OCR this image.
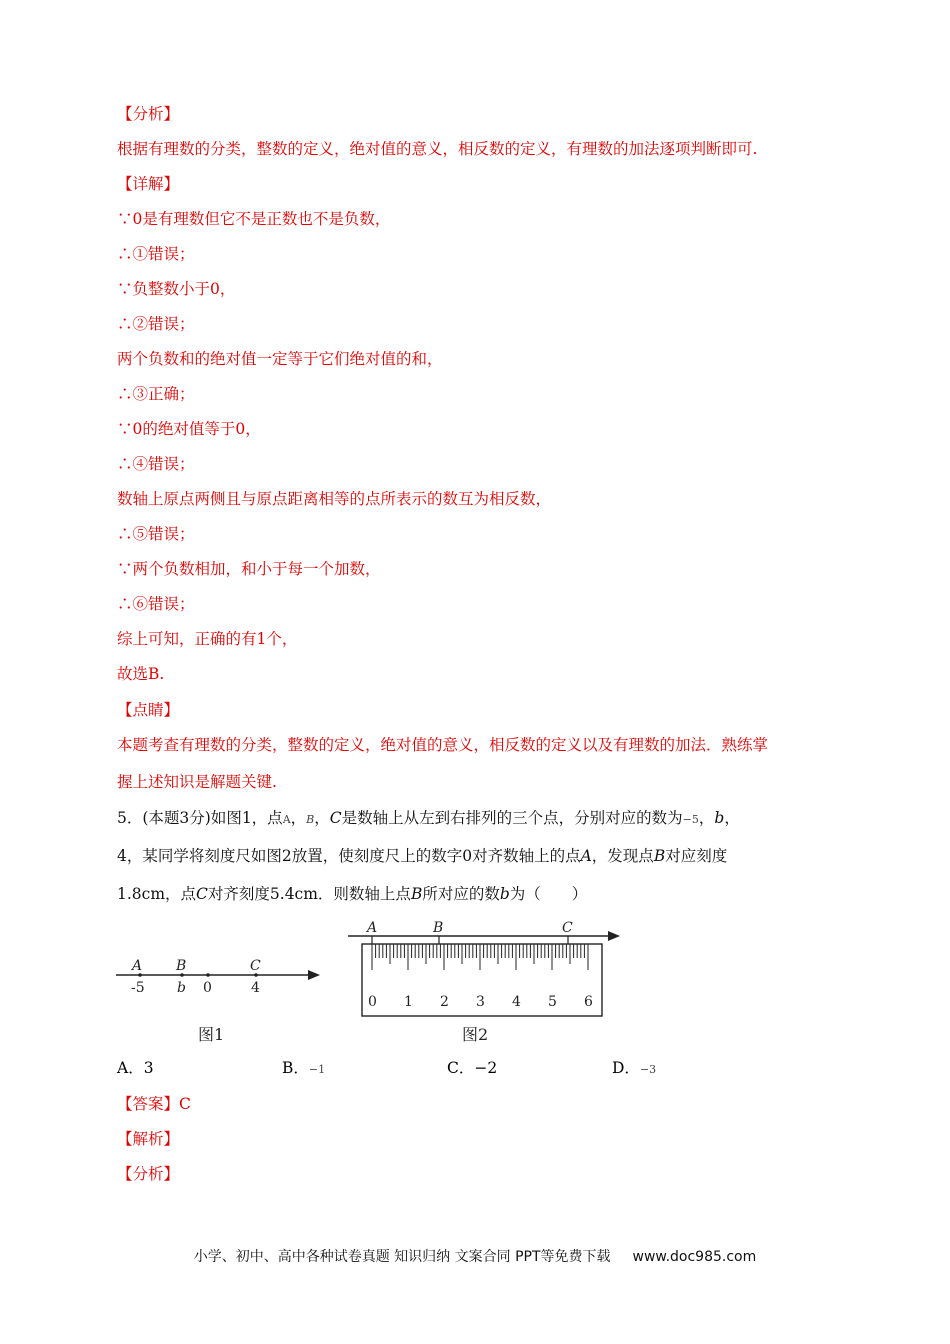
【分析】
根据有理数的分类，整数的定义，绝对值的意义，相反数的定义，有理数的加法逐项判断即可.
【详解】
∵0是有理数但它不是正数也不是负数，
∴①错误；
∵负整数小于0，
∴②错误；
两个负数和的绝对值一定等于它们绝对值的和，
∴③正确；
∵0的绝对值等于0，
∴④错误；
数轴上原点两侧且与原点距离相等的点所表示的数互为相反数，
∴⑤错误；
∵两个负数相加，和小于每一个加数，
∴⑥错误；
综上可知，正确的有1个，
故选B.
【点睛】
本题考查有理数的分类，整数的定义，绝对值的意义，相反数的定义以及有理数的加法．熟练掌
握上述知识是解题关键.
5．(本题3分)如图1，点A，B，C是数轴上从左到右排列的三个点，分别对应的数为−5，b，
4，某同学将刻度尺如图2放置，使刻度尺上的数字0对齐数轴上的点A，发现点B对应刻度
1.8cm，点C对齐刻度5.4cm．则数轴上点B所对应的数b为（　　）
A B	C
-5 b 0	4
图1
A	B	C
0 1 2 3 4 5 6
图2
A．3	B．−1	C．−2	D．−3
【答案】C
【解析】
【分析】
小学、初中、高中各种试卷真题 知识归纳 文案合同 PPT等免费下载 www.doc985.com
